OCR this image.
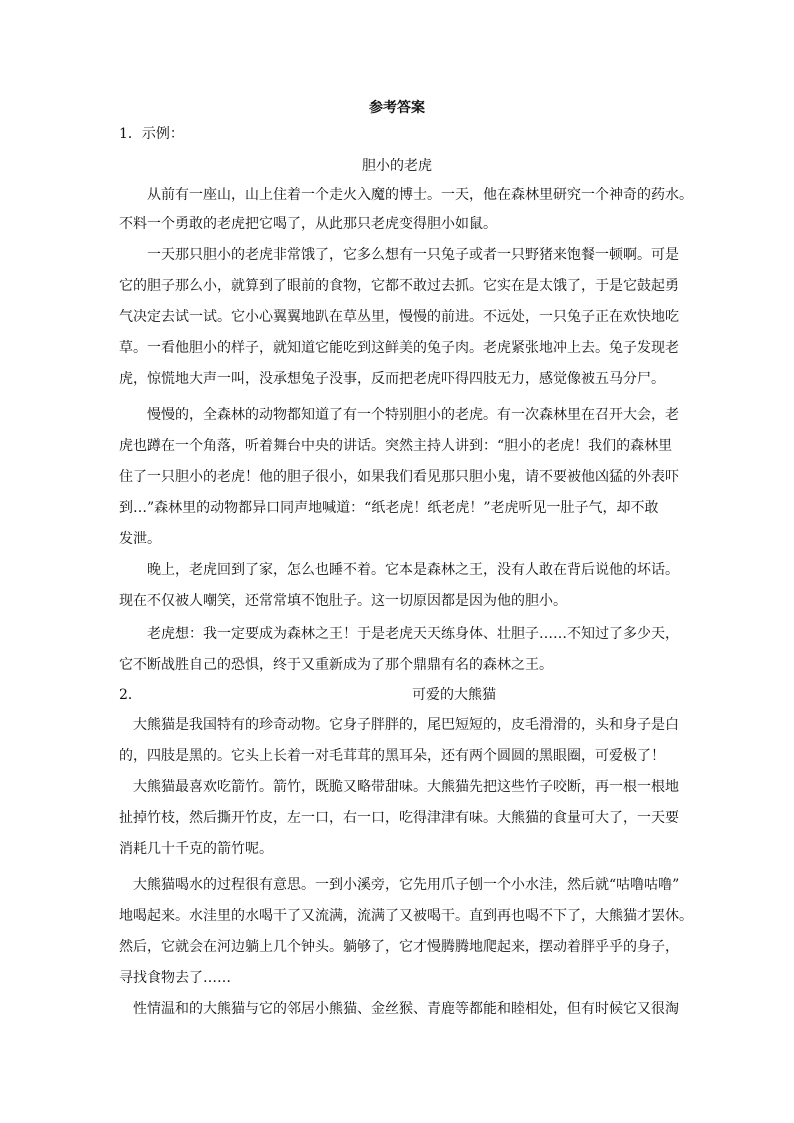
参考答案
1．示例：
胆小的老虎
从前有一座山，山上住着一个走火入魔的博士。一天，他在森林里研究一个神奇的药水。
不料一个勇敢的老虎把它喝了，从此那只老虎变得胆小如鼠。
一天那只胆小的老虎非常饿了，它多么想有一只兔子或者一只野猪来饱餐一顿啊。可是
它的胆子那么小，就算到了眼前的食物，它都不敢过去抓。它实在是太饿了，于是它鼓起勇
气决定去试一试。它小心翼翼地趴在草丛里，慢慢的前进。不远处，一只兔子正在欢快地吃
草。一看他胆小的样子，就知道它能吃到这鲜美的兔子肉。老虎紧张地冲上去。兔子发现老
虎，惊慌地大声一叫，没承想兔子没事，反而把老虎吓得四肢无力，感觉像被五马分尸。
慢慢的，全森林的动物都知道了有一个特别胆小的老虎。有一次森林里在召开大会，老
虎也蹲在一个角落，听着舞台中央的讲话。突然主持人讲到：“胆小的老虎！我们的森林里
住了一只胆小的老虎！他的胆子很小，如果我们看见那只胆小鬼，请不要被他凶猛的外表吓
到…”森林里的动物都异口同声地喊道：“纸老虎！纸老虎！”老虎听见一肚子气，却不敢
发泄。
晚上，老虎回到了家，怎么也睡不着。它本是森林之王，没有人敢在背后说他的坏话。
现在不仅被人嘲笑，还常常填不饱肚子。这一切原因都是因为他的胆小。
老虎想：我一定要成为森林之王！于是老虎天天练身体、壮胆子……不知过了多少天，
它不断战胜自己的恐惧，终于又重新成为了那个鼎鼎有名的森林之王。
2．	可爱的大熊猫
大熊猫是我国特有的珍奇动物。它身子胖胖的，尾巴短短的，皮毛滑滑的，头和身子是白
的，四肢是黑的。它头上长着一对毛茸茸的黑耳朵，还有两个圆圆的黑眼圈，可爱极了！
大熊猫最喜欢吃箭竹。箭竹，既脆又略带甜味。大熊猫先把这些竹子咬断，再一根一根地
扯掉竹枝，然后撕开竹皮，左一口，右一口，吃得津津有味。大熊猫的食量可大了，一天要
消耗几十千克的箭竹呢。
大熊猫喝水的过程很有意思。一到小溪旁，它先用爪子刨一个小水洼，然后就“咕噜咕噜”
地喝起来。水洼里的水喝干了又流满，流满了又被喝干。直到再也喝不下了，大熊猫才罢休。
然后，它就会在河边躺上几个钟头。躺够了，它才慢腾腾地爬起来，摆动着胖乎乎的身子，
寻找食物去了……
性情温和的大熊猫与它的邻居小熊猫、金丝猴、青鹿等都能和睦相处，但有时候它又很淘
